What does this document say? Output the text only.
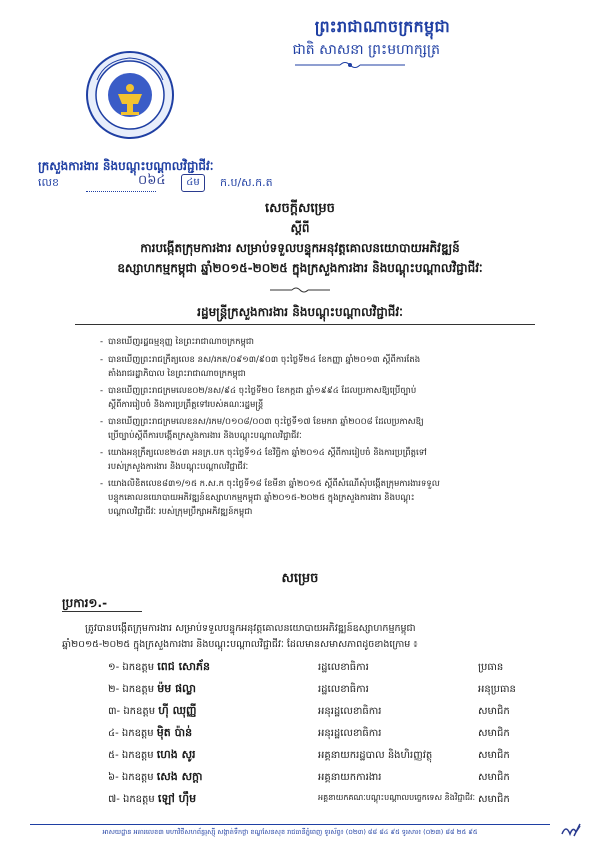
ព្រះរាជាណាចក្រកម្ពុជា
ជាតិ សាសនា ព្រះមហាក្សត្រ
ក្រសួងការងារ និងបណ្តុះបណ្តាលវិជ្ជាជីវៈ
លេខ	០៦៤	៤ម	ក.ប/ស.ក.ត
សេចក្តីសម្រេច
ស្តីពី
ការបង្កើតក្រុមការងារ សម្រាប់ទទួលបន្ទុកអនុវត្តគោលនយោបាយអភិវឌ្ឍន៍
ឧស្សាហកម្មកម្ពុជា ឆ្នាំ២០១៥-២០២៥ ក្នុងក្រសួងការងារ និងបណ្តុះបណ្តាលវិជ្ជាជីវៈ
រដ្ឋមន្ត្រីក្រសួងការងារ និងបណ្តុះបណ្តាលវិជ្ជាជីវៈ
- បានឃើញរដ្ឋធម្មនុញ្ញ នៃព្រះរាជាណាចក្រកម្ពុជា
- បានឃើញព្រះរាជក្រឹត្យលេខ នស/រកត/០៩១៣/៩០៣ ចុះថ្ងៃទី២៤ ខែកញ្ញា ឆ្នាំ២០១៣ ស្តីពីការតែង
តាំងរាជរដ្ឋាភិបាល នៃព្រះរាជាណាចក្រកម្ពុជា
- បានឃើញព្រះរាជក្រមលេខ០២/នស/៩៤ ចុះថ្ងៃទី២០ ខែកក្កដា ឆ្នាំ១៩៩៤ ដែលប្រកាសឱ្យប្រើច្បាប់
ស្តីពីការរៀបចំ និងការប្រព្រឹត្តទៅរបស់គណៈរដ្ឋមន្ត្រី
- បានឃើញព្រះរាជក្រមលេខនស/រកម/០១០៨/០០៣ ចុះថ្ងៃទី១៧ ខែមករា ឆ្នាំ២០០៨ ដែលប្រកាសឱ្យ
ប្រើច្បាប់ស្តីពីការបង្កើតក្រសួងការងារ និងបណ្តុះបណ្តាលវិជ្ជាជីវៈ
- យោងអនុក្រឹត្យលេខ២៤៣ អនក្រ.បក ចុះថ្ងៃទី១៤ ខែវិច្ឆិកា ឆ្នាំ២០១៤ ស្តីពីការរៀបចំ និងការប្រព្រឹត្តទៅ
របស់ក្រសួងការងារ និងបណ្តុះបណ្តាលវិជ្ជាជីវៈ
- យោងលិខិតលេខ៨៣១/១៥ ក.ស.ក ចុះថ្ងៃទី១៨ ខែមីនា ឆ្នាំ២០១៥ ស្តីពីសំណើសុំបង្កើតក្រុមការងារទទួល
បន្ទុកគោលនយោបាយអភិវឌ្ឍន៍ឧស្សាហកម្មកម្ពុជា ឆ្នាំ២០១៥-២០២៥ ក្នុងក្រសួងការងារ និងបណ្តុះ
បណ្តាលវិជ្ជាជីវៈ របស់ក្រុមប្រឹក្សាអភិវឌ្ឍន៍កម្ពុជា
សម្រេច
ប្រការ១.-
ត្រូវបានបង្កើតក្រុមការងារ សម្រាប់ទទួលបន្ទុកអនុវត្តគោលនយោបាយអភិវឌ្ឍន៍ឧស្សាហកម្មកម្ពុជា
ឆ្នាំ២០១៥-២០២៥ ក្នុងក្រសួងការងារ និងបណ្តុះបណ្តាលវិជ្ជាជីវៈ ដែលមានសមាសភាពដូចខាងក្រោម ៖
១- ឯកឧត្តម ពេជ សោភ័ន	រដ្ឋលេខាធិការ	ប្រធាន
២- ឯកឧត្តម ម៉ម ផល្លា	រដ្ឋលេខាធិការ	អនុប្រធាន
៣- ឯកឧត្តម ហ៊ី ឈុញ្ញី	អនុរដ្ឋលេខាធិការ	សមាជិក
៤- ឯកឧត្តម ម៉ិត ប៉ាន់	អនុរដ្ឋលេខាធិការ	សមាជិក
៥- ឯកឧត្តម ហេង សូរ	អគ្គនាយករដ្ឋបាល និងហិរញ្ញវត្ថុ	សមាជិក
៦- ឯកឧត្តម សេង សក្តា	អគ្គនាយកការងារ	សមាជិក
៧- ឯកឧត្តម ឡៅ ហ៊ឹម	អគ្គនាយកគណៈបណ្តុះបណ្តាលបច្ចេកទេស និងវិជ្ជាជីវៈ សមាជិក
អាសយដ្ឋាន អគារលេខ៣ មហាវិថីសហព័ន្ធរុស្ស៊ី សង្កាត់ទឹកថ្លា ខណ្ឌសែនសុខ រាជធានីភ្នំពេញ ទូរស័ព្ទ៖ (០២៣) ៨៨ ៨៤ ៩៥ ទូរសារ៖ (០២៣) ៨៨ ២៥ ៩៥
